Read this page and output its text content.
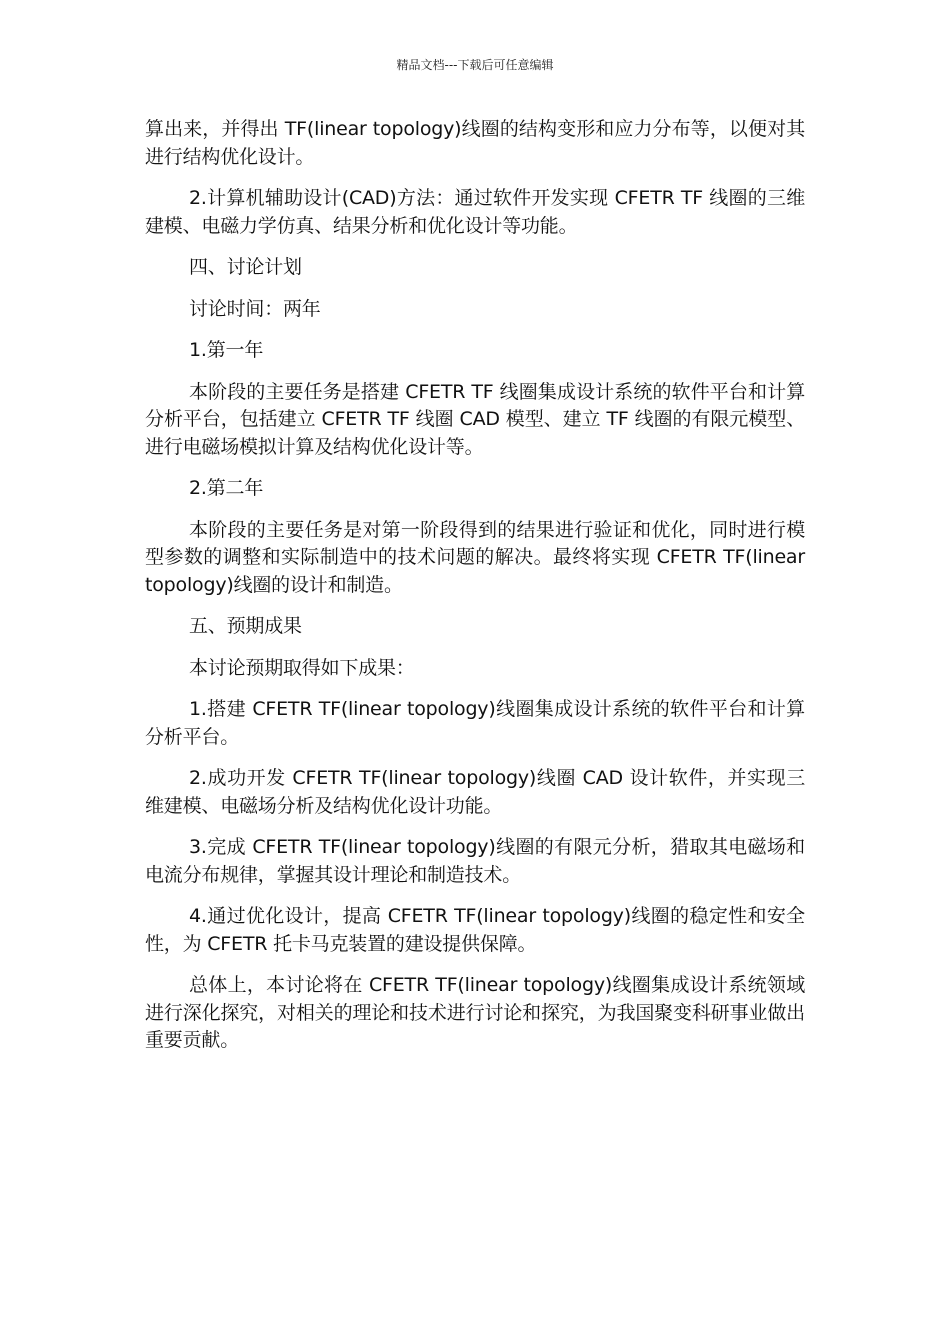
精品文档---下载后可任意编辑

算出来，并得出 TF(linear topology)线圈的结构变形和应力分布等，以便对其进行结构优化设计。

2.计算机辅助设计(CAD)方法：通过软件开发实现 CFETR TF 线圈的三维建模、电磁力学仿真、结果分析和优化设计等功能。

四、讨论计划

讨论时间：两年

1.第一年

本阶段的主要任务是搭建 CFETR TF 线圈集成设计系统的软件平台和计算分析平台，包括建立 CFETR TF 线圈 CAD 模型、建立 TF 线圈的有限元模型、进行电磁场模拟计算及结构优化设计等。

2.第二年

本阶段的主要任务是对第一阶段得到的结果进行验证和优化，同时进行模型参数的调整和实际制造中的技术问题的解决。最终将实现 CFETR TF(linear topology)线圈的设计和制造。

五、预期成果

本讨论预期取得如下成果：

1.搭建 CFETR TF(linear topology)线圈集成设计系统的软件平台和计算分析平台。

2.成功开发 CFETR TF(linear topology)线圈 CAD 设计软件，并实现三维建模、电磁场分析及结构优化设计功能。

3.完成 CFETR TF(linear topology)线圈的有限元分析，猎取其电磁场和电流分布规律，掌握其设计理论和制造技术。

4.通过优化设计，提高 CFETR TF(linear topology)线圈的稳定性和安全性，为 CFETR 托卡马克装置的建设提供保障。

总体上，本讨论将在 CFETR TF(linear topology)线圈集成设计系统领域进行深化探究，对相关的理论和技术进行讨论和探究，为我国聚变科研事业做出重要贡献。
